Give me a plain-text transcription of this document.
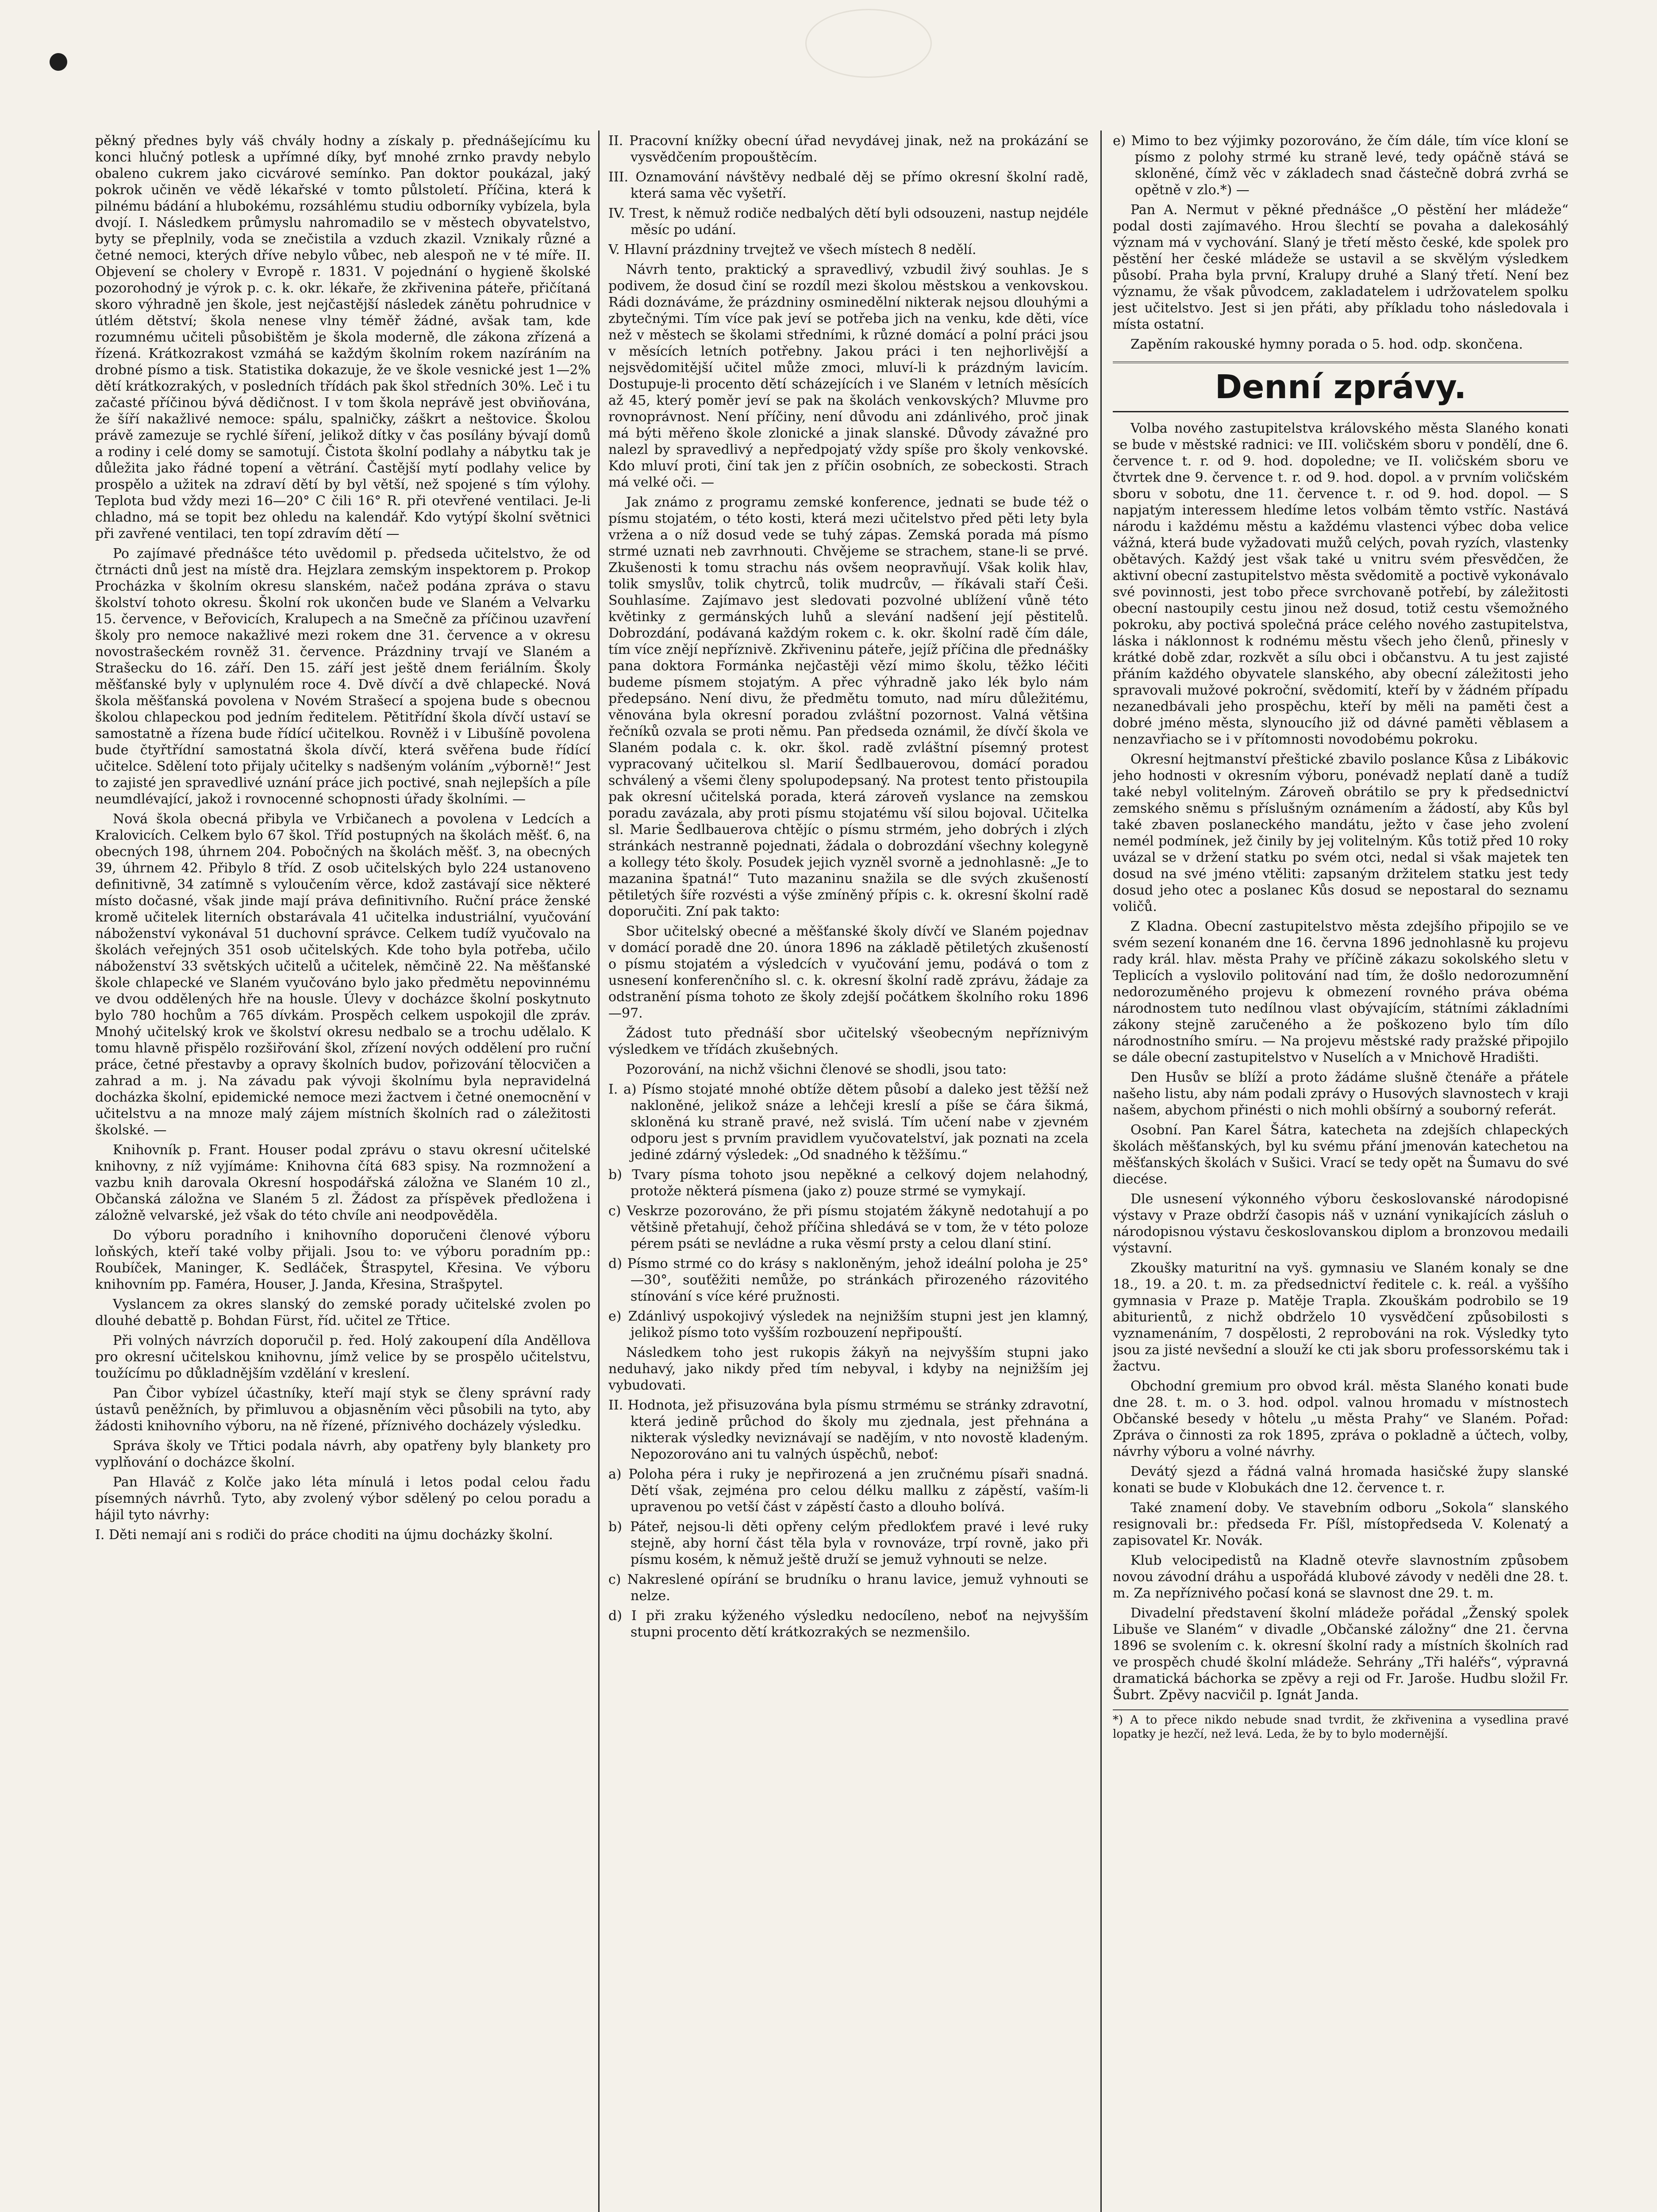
pěkný přednes byly váš chvály hodny a získaly p. přednášejícímu ku konci hlučný potlesk a upřímné díky, byť mnohé zrnko pravdy nebylo obaleno cukrem jako cicvárové semínko. Pan doktor poukázal, jaký pokrok učiněn ve vědě lékařské v tomto půlstoletí. Příčina, která k pilnému bádání a hlubokému, rozsáhlému studiu odborníky vybízela, byla dvojí. I. Následkem průmyslu nahromadilo se v městech obyvatelstvo, byty se přeplnily, voda se znečistila a vzduch zkazil. Vznikaly různé a četné nemoci, kterých dříve nebylo vůbec, neb alespoň ne v té míře. II. Objevení se cholery v Evropě r. 1831. V pojednání o hygieně školské pozorohodný je výrok p. c. k. okr. lékaře, že zkřivenina páteře, přičítaná skoro výhradně jen škole, jest nejčastější následek zánětu pohrudnice v útlém dětství; škola nenese vlny téměř žádné, avšak tam, kde rozumnému učiteli působištěm je škola moderně, dle zákona zřízená a řízená. Krátkozrakost vzmáhá se každým školním rokem nazíráním na drobné písmo a tisk. Statistika dokazuje, že ve škole vesnické jest 1—2% dětí krátkozrakých, v posledních třídách pak škol středních 30%. Leč i tu začasté příčinou bývá dědičnost. I v tom škola neprávě jest obviňována, že šíří nakažlivé nemoce: spálu, spalničky, záškrt a neštovice. Školou právě zamezuje se rychlé šíření, jelikož dítky v čas posílány bývají domů a rodiny i celé domy se samotují. Čistota školní podlahy a nábytku tak je důležita jako řádné topení a větrání. Častější mytí podlahy velice by prospělo a užitek na zdraví dětí by byl větší, než spojené s tím výlohy. Teplota bud vždy mezi 16—20° C čili 16° R. při otevřené ventilaci. Je-li chladno, má se topit bez ohledu na kalendář. Kdo vytýpí školní světnici při zavřené ventilaci, ten topí zdravím dětí —

Po zajímavé přednášce této uvědomil p. předseda učitelstvo, že od čtrnácti dnů jest na místě dra. Hejzlara zemským inspektorem p. Prokop Procházka v školním okresu slanském, načež podána zpráva o stavu školství tohoto okresu. Školní rok ukončen bude ve Slaném a Velvarku 15. července, v Beřovicích, Kralupech a na Smečně za příčinou uzavření školy pro nemoce nakažlivé mezi rokem dne 31. července a v okresu novostrašeckém rovněž 31. července. Prázdniny trvají ve Slaném a Strašecku do 16. září. Den 15. září jest ještě dnem feriálním. Školy měšťanské byly v uplynulém roce 4. Dvě dívčí a dvě chlapecké. Nová škola měšťanská povolena v Novém Strašecí a spojena bude s obecnou školou chlapeckou pod jedním ředitelem. Pětitřídní škola dívčí ustaví se samostatně a řízena bude řídící učitelkou. Rovněž i v Libušíně povolena bude čtyřtřídní samostatná škola dívčí, která svěřena bude řídící učitelce. Sdělení toto přijaly učitelky s nadšeným voláním „výborně!“ Jest to zajisté jen spravedlivé uznání práce jich poctivé, snah nejlepších a píle neumdlévající, jakož i rovnocenné schopnosti úřady školními. —

Nová škola obecná přibyla ve Vrbičanech a povolena v Ledcích a Kralovicích. Celkem bylo 67 škol. Tříd postupných na školách měšť. 6, na obecných 198, úhrnem 204. Pobočných na školách měšť. 3, na obecných 39, úhrnem 42. Přibylo 8 tříd. Z osob učitelských bylo 224 ustanoveno definitivně, 34 zatímně s vyloučením věrce, kdož zastávají sice některé místo dočasné, však jinde mají práva definitivního. Ruční práce ženské kromě učitelek literních obstarávala 41 učitelka industriální, vyučování náboženství vykonával 51 duchovní správce. Celkem tudíž vyučovalo na školách veřejných 351 osob učitelských. Kde toho byla potřeba, učilo náboženství 33 světských učitelů a učitelek, němčině 22. Na měšťanské škole chlapecké ve Slaném vyučováno bylo jako předmětu nepovinnému ve dvou oddělených hře na housle. Úlevy v docházce školní poskytnuto bylo 780 hochům a 765 dívkám. Prospěch celkem uspokojil dle zpráv. Mnohý učitelský krok ve školství okresu nedbalo se a trochu udělalo. K tomu hlavně přispělo rozšiřování škol, zřízení nových oddělení pro ruční práce, četné přestavby a opravy školních budov, pořizování tělocvičen a zahrad a m. j. Na závadu pak vývoji školnímu byla nepravidelná docházka školní, epidemické nemoce mezi žactvem i četné onemocnění v učitelstvu a na mnoze malý zájem místních školních rad o záležitosti školské. —

Knihovník p. Frant. Houser podal zprávu o stavu okresní učitelské knihovny, z níž vyjímáme: Knihovna čítá 683 spisy. Na rozmnožení a vazbu knih darovala Okresní hospodářská záložna ve Slaném 10 zl., Občanská záložna ve Slaném 5 zl. Žádost za příspěvek předložena i záložně velvarské, jež však do této chvíle ani neodpověděla.

Do výboru poradního i knihovního doporučeni členové výboru loňských, kteří také volby přijali. Jsou to: ve výboru poradním pp.: Roubíček, Maninger, K. Sedláček, Štraspytel, Křesina. Ve výboru knihovním pp. Faméra, Houser, J. Janda, Křesina, Strašpytel.

Vyslancem za okres slanský do zemské porady učitelské zvolen po dlouhé debattě p. Bohdan Fürst, říd. učitel ze Třtice.

Při volných návrzích doporučil p. řed. Holý zakoupení díla Anděllova pro okresní učitelskou knihovnu, jímž velice by se prospělo učitelstvu, toužícímu po důkladnějším vzdělání v kreslení.

Pan Čibor vybízel účastníky, kteří mají styk se členy správní rady ústavů peněžních, by přimluvou a objasněním věci působili na tyto, aby žádosti knihovního výboru, na ně řízené, příznivého docházely výsledku.

Správa školy ve Třtici podala návrh, aby opatřeny byly blankety pro vyplňování o docházce školní.

Pan Hlaváč z Kolče jako léta mínulá i letos podal celou řadu písemných návrhů. Tyto, aby zvolený výbor sdělený po celou poradu a hájil tyto návrhy:

I. Děti nemají ani s rodiči do práce choditi na újmu docházky školní.

II. Pracovní knížky obecní úřad nevydávej jinak, než na prokázání se vysvědčením propouštěcím.

III. Oznamování návštěvy nedbalé děj se přímo okresní školní radě, která sama věc vyšetří.

IV. Trest, k němuž rodiče nedbalých dětí byli odsouzeni, nastup nejdéle měsíc po udání.

V. Hlavní prázdniny trvejtež ve všech místech 8 nedělí.

Návrh tento, praktický a spravedlivý, vzbudil živý souhlas. Je s podivem, že dosud činí se rozdíl mezi školou městskou a venkovskou. Rádi doznáváme, že prázdniny osminedělní nikterak nejsou dlouhými a zbytečnými. Tím více pak jeví se potřeba jich na venku, kde děti, více než v městech se školami středními, k různé domácí a polní práci jsou v měsících letních potřebny. Jakou práci i ten nejhorlivější a nejsvědomitější učitel může zmoci, mluví-li k prázdným lavicím. Dostupuje-li procento dětí scházejících i ve Slaném v letních měsících až 45, který poměr jeví se pak na školách venkovských? Mluvme pro rovnoprávnost. Není příčiny, není důvodu ani zdánlivého, proč jinak má býti měřeno škole zlonické a jinak slanské. Důvody závažné pro nalezl by spravedlivý a nepředpojatý vždy spíše pro školy venkovské. Kdo mluví proti, činí tak jen z příčin osobních, ze sobeckosti. Strach má velké oči. —

Jak známo z programu zemské konference, jednati se bude též o písmu stojatém, o této kosti, která mezi učitelstvo před pěti lety byla vržena a o níž dosud vede se tuhý zápas. Zemská porada má písmo strmé uznati neb zavrhnouti. Chvějeme se strachem, stane-li se prvé. Zkušenosti k tomu strachu nás ovšem neopravňují. Však kolik hlav, tolik smyslův, tolik chytrců, tolik mudrcův, — říkávali staří Češi. Souhlasíme. Zajímavo jest sledovati pozvolné ublížení vůně této květinky z germánských luhů a slevání nadšení její pěstitelů. Dobrozdání, podávaná každým rokem c. k. okr. školní radě čím dále, tím více znějí nepříznivě. Zkřiveninu páteře, jejíž příčina dle přednášky pana doktora Formánka nejčastěji vězí mimo školu, těžko léčiti budeme písmem stojatým. A přec výhradně jako lék bylo nám předepsáno. Není divu, že předmětu tomuto, nad míru důležitému, věnována byla okresní poradou zvláštní pozornost. Valná většina řečníků ozvala se proti němu. Pan předseda oznámil, že dívčí škola ve Slaném podala c. k. okr. škol. radě zvláštní písemný protest vypracovaný učitelkou sl. Marií Šedlbauerovou, domácí poradou schválený a všemi členy spolupodepsaný. Na protest tento přistoupila pak okresní učitelská porada, která zároveň vyslance na zemskou poradu zavázala, aby proti písmu stojatému vší silou bojoval. Učitelka sl. Marie Šedlbauerova chtějíc o písmu strmém, jeho dobrých i zlých stránkách nestranně pojednati, žádala o dobrozdání všechny kolegyně a kollegy této školy. Posudek jejich vyzněl svorně a jednohlasně: „Je to mazanina špatná!“ Tuto mazaninu snažila se dle svých zkušeností pětiletých šíře rozvésti a výše zmíněný přípis c. k. okresní školní radě doporučiti. Zní pak takto:

Sbor učitelský obecné a měšťanské školy dívčí ve Slaném pojednav v domácí poradě dne 20. února 1896 na základě pětiletých zkušeností o písmu stojatém a výsledcích v vyučování jemu, podává o tom z usnesení konferenčního sl. c. k. okresní školní radě zprávu, žádaje za odstranění písma tohoto ze školy zdejší počátkem školního roku 1896—97.

Žádost tuto přednáší sbor učitelský všeobecným nepříznivým výsledkem ve třídách zkušebných.

Pozorování, na nichž všichni členové se shodli, jsou tato:

I. a) Písmo stojaté mnohé obtíže dětem působí a daleko jest těžší než nakloněné, jelikož snáze a lehčeji kreslí a píše se čára šikmá, skloněná ku straně pravé, než svislá. Tím učení nabe v zjevném odporu jest s prvním pravidlem vyučovatelství, jak poznati na zcela jediné zdárný výsledek: „Od snadného k těžšímu.“

b) Tvary písma tohoto jsou nepěkné a celkový dojem nelahodný, protože některá písmena (jako z) pouze strmé se vymykají.

c) Veskrze pozorováno, že při písmu stojatém žákyně nedotahují a po většině přetahují, čehož příčina shledává se v tom, že v této poloze pérem psáti se nevládne a ruka věsmí prsty a celou dlaní stiní.

d) Písmo strmé co do krásy s nakloněným, jehož ideální poloha je 25°—30°, souťěžiti nemůže, po stránkách přirozeného rázovitého stínování s více kéré pružnosti.

e) Zdánlivý uspokojivý výsledek na nejnižším stupni jest jen klamný, jelikož písmo toto vyšším rozbouzení nepřipouští.

Následkem toho jest rukopis žákyň na nejvyšším stupni jako neduhavý, jako nikdy před tím nebyval, i kdyby na nejnižším jej vybudovati.

II. Hodnota, jež přisuzována byla písmu strmému se stránky zdravotní, která jedině průchod do školy mu zjednala, jest přehnána a nikterak výsledky neviznávají se nadějím, v nto novostě kladeným. Nepozorováno ani tu valných úspěchů, neboť:

a) Poloha péra i ruky je nepřirozená a jen zručnému písaři snadná. Dětí však, zejména pro celou délku mallku z zápěstí, vaším-li upravenou po vetší část v zápěstí často a dlouho bolívá.

b) Páteř, nejsou-li děti opřeny celým předlokťem pravé i levé ruky stejně, aby horní část těla byla v rovnováze, trpí rovně, jako při písmu kosém, k němuž ještě druží se jemuž vyhnouti se nelze.

c) Nakreslené opírání se brudníku o hranu lavice, jemuž vyhnouti se nelze.

d) I při zraku kýženého výsledku nedocíleno, neboť na nejvyšším stupni procento dětí krátkozrakých se nezmenšilo.

e) Mimo to bez výjimky pozorováno, že čím dále, tím více kloní se písmo z polohy strmé ku straně levé, tedy opáčně stává se skloněné, čímž věc v základech snad částečně dobrá zvrhá se opětně v zlo.*) —

Pan A. Nermut v pěkné přednášce „O pěstění her mládeže“ podal dosti zajímavého. Hrou šlechtí se povaha a dalekosáhlý význam má v vychování. Slaný je třetí město české, kde spolek pro pěstění her české mládeže se ustavil a se skvělým výsledkem působí. Praha byla první, Kralupy druhé a Slaný třetí. Není bez významu, že však původcem, zakladatelem i udržovatelem spolku jest učitelstvo. Jest si jen přáti, aby příkladu toho následovala i místa ostatní.

Zapěním rakouské hymny porada o 5. hod. odp. skončena.

Denní zprávy.

Volba nového zastupitelstva královského města Slaného konati se bude v městské radnici: ve III. voličském sboru v pondělí, dne 6. července t. r. od 9. hod. dopoledne; ve II. voličském sboru ve čtvrtek dne 9. července t. r. od 9. hod. dopol. a v prvním voličském sboru v sobotu, dne 11. července t. r. od 9. hod. dopol. — S napjatým interessem hledíme letos volbám těmto vstříc. Nastává národu i každému městu a každému vlastenci výbec doba velice vážná, která bude vyžadovati mužů celých, povah ryzích, vlastenky obětavých. Každý jest však také u vnitru svém přesvědčen, že aktivní obecní zastupitelstvo města svědomitě a poctivě vykonávalo své povinnosti, jest tobo přece svrchovaně potřebí, by záležitosti obecní nastoupily cestu jinou než dosud, totiž cestu všemožného pokroku, aby poctivá společná práce celého nového zastupitelstva, láska i náklonnost k rodnému městu všech jeho členů, přinesly v krátké době zdar, rozkvět a sílu obci i občanstvu. A tu jest zajisté přáním každého obyvatele slanského, aby obecní záležitosti jeho spravovali mužové pokroční, svědomití, kteří by v žádném případu nezanedbávali jeho prospěchu, kteří by měli na paměti čest a dobré jméno města, slynoucího již od dávné paměti věblasem a nenzavřiacho se i v přítomnosti novodobému pokroku.

Okresní hejtmanství přeštické zbavilo poslance Kůsa z Libákovic jeho hodnosti v okresním výboru, ponévadž neplatí daně a tudíž také nebyl volitelným. Zároveň obrátilo se pry k předsednictví zemského sněmu s příslušným oznámením a žádostí, aby Kůs byl také zbaven poslaneckého mandátu, ježto v čase jeho zvolení nemél podmínek, jež činily by jej volitelným. Kůs totiž před 10 roky uvázal se v držení statku po svém otci, nedal si však majetek ten dosud na své jméno vtěliti: zapsaným držitelem statku jest tedy dosud jeho otec a poslanec Kůs dosud se nepostaral do seznamu voličů.

Z Kladna. Obecní zastupitelstvo města zdejšího připojilo se ve svém sezení konaném dne 16. června 1896 jednohlasně ku projevu rady král. hlav. města Prahy ve příčině zákazu sokolského sletu v Teplicích a vyslovilo politování nad tím, že došlo nedorozumnění nedorozuměného projevu k obmezení rovného práva obéma národnostem tuto nedílnou vlast obývajícím, státními základními zákony stejně zaručeného a že poškozeno bylo tím dílo národnostního smíru. — Na projevu městské rady pražské připojilo se dále obecní zastupitelstvo v Nuselích a v Mnichově Hradišti.

Den Husův se blíží a proto žádáme slušně čtenáře a přátele našeho listu, aby nám podali zprávy o Husových slavnostech v kraji našem, abychom přinésti o nich mohli obšírný a souborný referát.

Osobní. Pan Karel Šátra, katecheta na zdejších chlapeckých školách měšťanských, byl ku svému přání jmenován katechetou na měšťanských školách v Sušici. Vrací se tedy opět na Šumavu do své diecése.

Dle usnesení výkonného výboru českoslovanské národopisné výstavy v Praze obdrží časopis náš v uznání vynikajících zásluh o národopisnou výstavu českoslovanskou diplom a bronzovou medaili výstavní.

Zkoušky maturitní na vyš. gymnasiu ve Slaném konaly se dne 18., 19. a 20. t. m. za předsednictví ředitele c. k. reál. a vyššího gymnasia v Praze p. Matěje Trapla. Zkouškám podrobilo se 19 abiturientů, z nichž obdrželo 10 vysvědčení způsobilosti s vyznamenáním, 7 dospělosti, 2 reprobováni na rok. Výsledky tyto jsou za jisté nevšední a slouží ke cti jak sboru professorskému tak i žactvu.

Obchodní gremium pro obvod král. města Slaného konati bude dne 28. t. m. o 3. hod. odpol. valnou hromadu v místnostech Občanské besedy v hôtelu „u města Prahy“ ve Slaném. Pořad: Zpráva o činnosti za rok 1895, zpráva o pokladně a účtech, volby, návrhy výboru a volné návrhy.

Devátý sjezd a řádná valná hromada hasičské župy slanské konati se bude v Klobukách dne 12. července t. r.

Také znamení doby. Ve stavebním odboru „Sokola“ slanského resignovali br.: předseda Fr. Píšl, místopředseda V. Kolenatý a zapisovatel Kr. Novák.

Klub velocipedistů na Kladně otevře slavnostním způsobem novou závodní dráhu a uspořádá klubové závody v neděli dne 28. t. m. Za nepříznivého počasí koná se slavnost dne 29. t. m.

Divadelní představení školní mládeže pořádal „Ženský spolek Libuše ve Slaném“ v divadle „Občanské záložny“ dne 21. června 1896 se svolením c. k. okresní školní rady a místních školních rad ve prospěch chudé školní mládeže. Sehrány „Tři haléřs“, výpravná dramatická báchorka se zpěvy a reji od Fr. Jaroše. Hudbu složil Fr. Šubrt. Zpěvy nacvičil p. Ignát Janda.

*) A to přece nikdo nebude snad tvrdit, že zkřivenina a vysedlina pravé lopatky je hezčí, než levá. Leda, že by to bylo modernější.
